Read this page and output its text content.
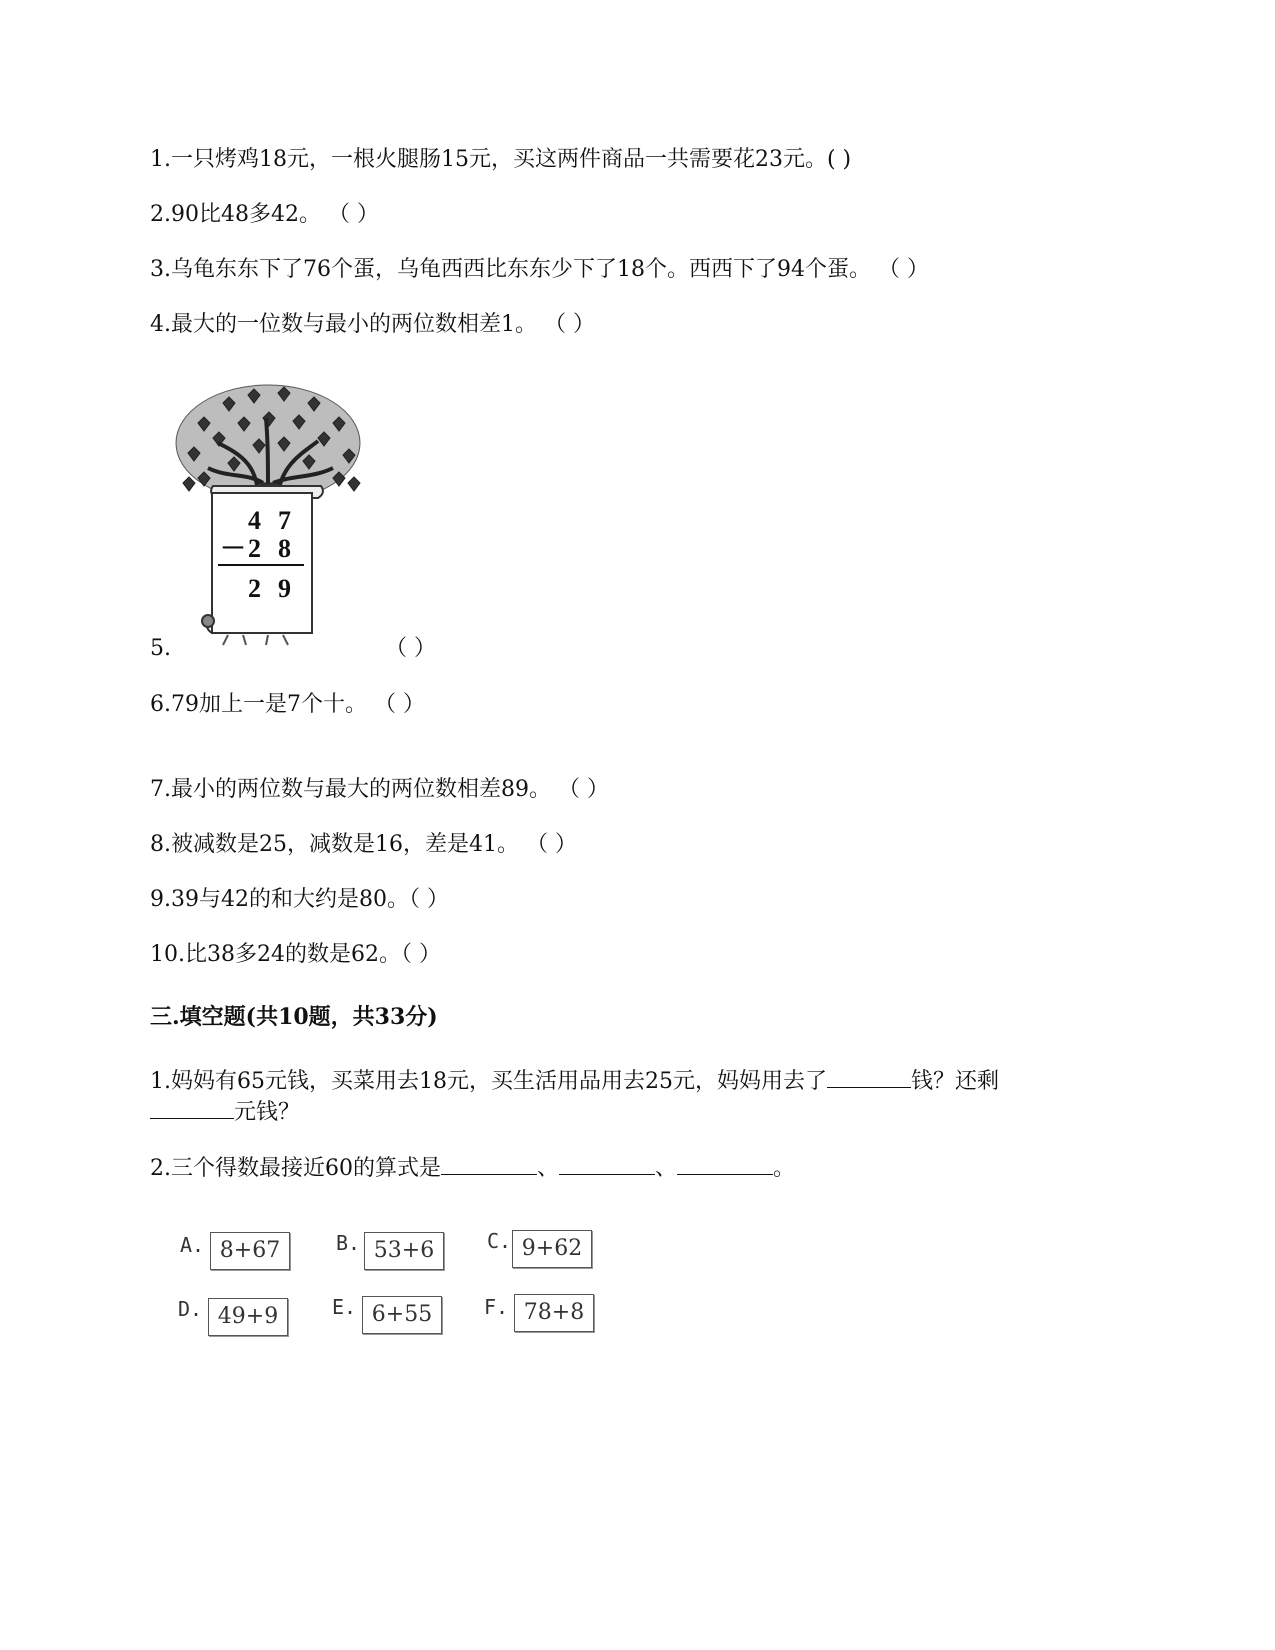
1.一只烤鸡18元，一根火腿肠15元，买这两件商品一共需要花23元。( )
2.90比48多42。 （ ）
3.乌龟东东下了76个蛋，乌龟西西比东东少下了18个。西西下了94个蛋。 （ ）
4.最大的一位数与最小的两位数相差1。 （ ）
4 7
－ 2 8
2 9
5.	（ ）
6.79加上一是7个十。 （ ）
7.最小的两位数与最大的两位数相差89。 （ ）
8.被减数是25，减数是16，差是41。 （ ）
9.39与42的和大约是80。（ ）
10.比38多24的数是62。（ ）
三.填空题(共10题，共33分)
1.妈妈有65元钱，买菜用去18元，买生活用品用去25元，妈妈用去了	钱？还剩
元钱？
2.三个得数最接近60的算式是	、	、	。
A. 8+67	B. 53+6	C. 9+62
D. 49+9	E. 6+55	F. 78+8
